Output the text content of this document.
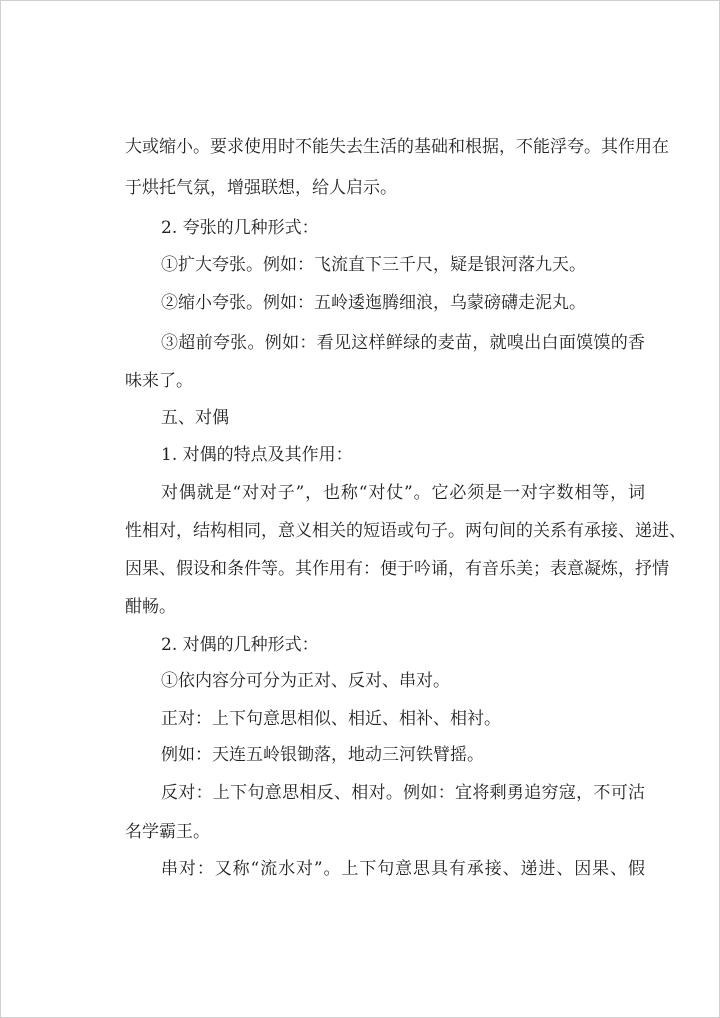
大或缩小。要求使用时不能失去生活的基础和根据，不能浮夸。其作用在

于烘托气氛，增强联想，给人启示。

2. 夸张的几种形式：

①扩大夸张。例如：飞流直下三千尺，疑是银河落九天。

②缩小夸张。例如：五岭逶迤腾细浪，乌蒙磅礴走泥丸。

③超前夸张。例如：看见这样鲜绿的麦苗，就嗅出白面馍馍的香

味来了。

五、对偶

1. 对偶的特点及其作用：

对偶就是“对对子”，也称“对仗”。它必须是一对字数相等，词

性相对，结构相同，意义相关的短语或句子。两句间的关系有承接、递进、

因果、假设和条件等。其作用有：便于吟诵，有音乐美；表意凝炼，抒情

酣畅。

2. 对偶的几种形式：

①依内容分可分为正对、反对、串对。

正对：上下句意思相似、相近、相补、相衬。

例如：天连五岭银锄落，地动三河铁臂摇。

反对：上下句意思相反、相对。例如：宜将剩勇追穷寇，不可沽

名学霸王。

串对：又称“流水对”。上下句意思具有承接、递进、因果、假
